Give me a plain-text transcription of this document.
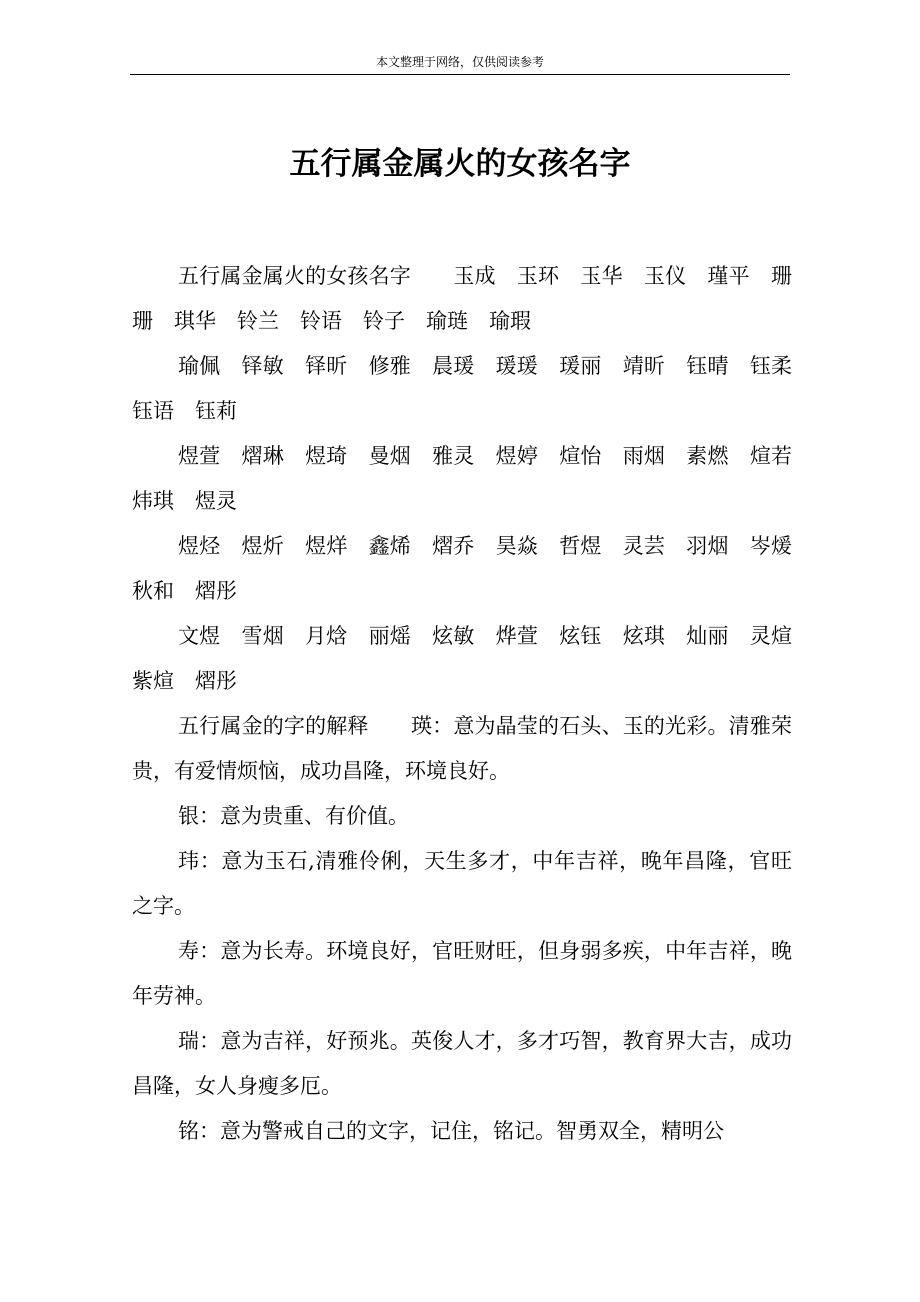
本文整理于网络，仅供阅读参考
五行属金属火的女孩名字

五行属金属火的女孩名字　　玉成　玉环　玉华　玉仪　瑾平　珊珊　琪华　铃兰　铃语　铃子　瑜琏　瑜瑕

瑜佩　铎敏　铎昕　修雅　晨瑗　瑗瑗　瑗丽　靖昕　钰晴　钰柔　钰语　钰莉

煜萱　熠琳　煜琦　曼烟　雅灵　煜婷　煊怡　雨烟　素燃　煊若　炜琪　煜灵

煜烃　煜炘　煜烊　鑫烯　熠乔　昊焱　哲煜　灵芸　羽烟　岑煖　秋和　熠彤

文煜　雪烟　月焓　丽熎　炫敏　烨萱　炫钰　炫琪　灿丽　灵煊　紫煊　熠彤

五行属金的字的解释　　瑛：意为晶莹的石头、玉的光彩。清雅荣贵，有爱情烦恼，成功昌隆，环境良好。

银：意为贵重、有价值。

玮：意为玉石,清雅伶俐，天生多才，中年吉祥，晚年昌隆，官旺之字。

寿：意为长寿。环境良好，官旺财旺，但身弱多疾，中年吉祥，晚年劳神。

瑞：意为吉祥，好预兆。英俊人才，多才巧智，教育界大吉，成功昌隆，女人身瘦多厄。

铭：意为警戒自己的文字，记住，铭记。智勇双全，精明公
